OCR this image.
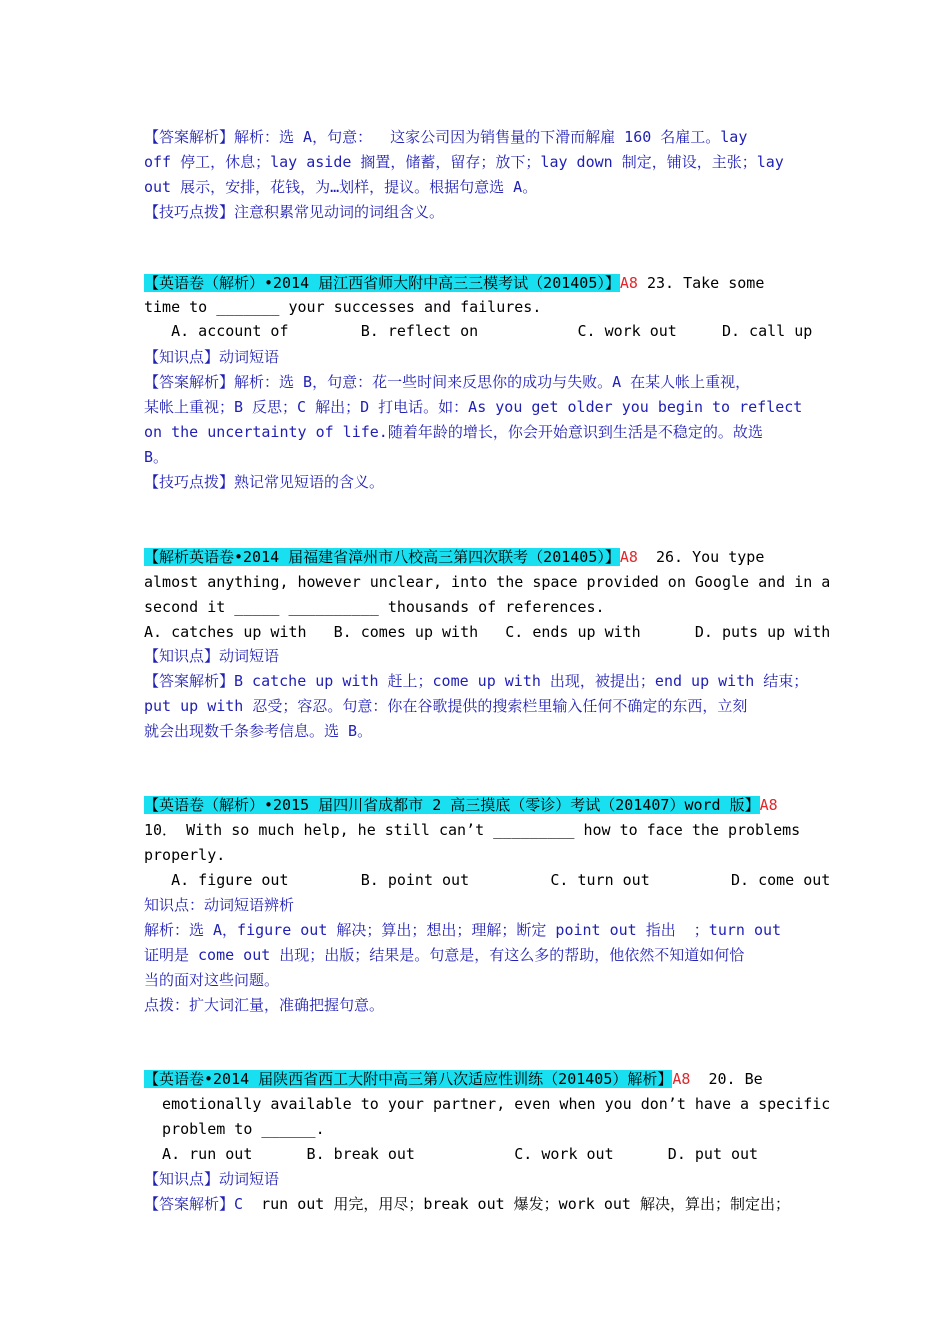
【答案解析】解析：选 A，句意：  这家公司因为销售量的下滑而解雇 160 名雇工。lay
off 停工，休息；lay aside 搁置，储蓄，留存；放下；lay down 制定，铺设，主张；lay
out 展示，安排，花钱，为…划样，提议。根据句意选 A。
【技巧点拨】注意积累常见动词的词组含义。
【英语卷（解析）•2014 届江西省师大附中高三三模考试（201405）】A8 23. Take some
time to _______ your successes and failures.
A. account of        B. reflect on           C. work out     D. call up
【知识点】动词短语
【答案解析】解析：选 B，句意：花一些时间来反思你的成功与失败。A 在某人帐上重视，
某帐上重视；B 反思；C 解出；D 打电话。如：As you get older you begin to reflect
on the uncertainty of life.随着年龄的增长，你会开始意识到生活是不稳定的。故选
B。
【技巧点拨】熟记常见短语的含义。
【解析英语卷•2014 届福建省漳州市八校高三第四次联考（201405）】A8  26. You type
almost anything, however unclear, into the space provided on Google and in a
second it _____ __________ thousands of references.
A. catches up with   B. comes up with   C. ends up with      D. puts up with
【知识点】动词短语
【答案解析】B catche up with 赶上；come up with 出现，被提出；end up with 结束；
put up with 忍受；容忍。句意：你在谷歌提供的搜索栏里输入任何不确定的东西，立刻
就会出现数千条参考信息。选 B。
【英语卷（解析）•2015 届四川省成都市 2 高三摸底（零诊）考试（201407）word 版】A8
10． With so much help, he still can’t _________ how to face the problems
properly.
A. figure out        B. point out         C. turn out         D. come out
知识点：动词短语辨析
解析：选 A，figure out 解决；算出；想出；理解；断定 point out 指出  ；turn out
证明是 come out 出现；出版；结果是。句意是，有这么多的帮助，他依然不知道如何恰
当的面对这些问题。
点拨：扩大词汇量，准确把握句意。
【英语卷•2014 届陕西省西工大附中高三第八次适应性训练（201405）解析】A8  20. Be
emotionally available to your partner, even when you don’t have a specific
problem to ______.
A. run out      B. break out           C. work out      D. put out
【知识点】动词短语
【答案解析】C  run out 用完，用尽；break out 爆发；work out 解决，算出；制定出；
